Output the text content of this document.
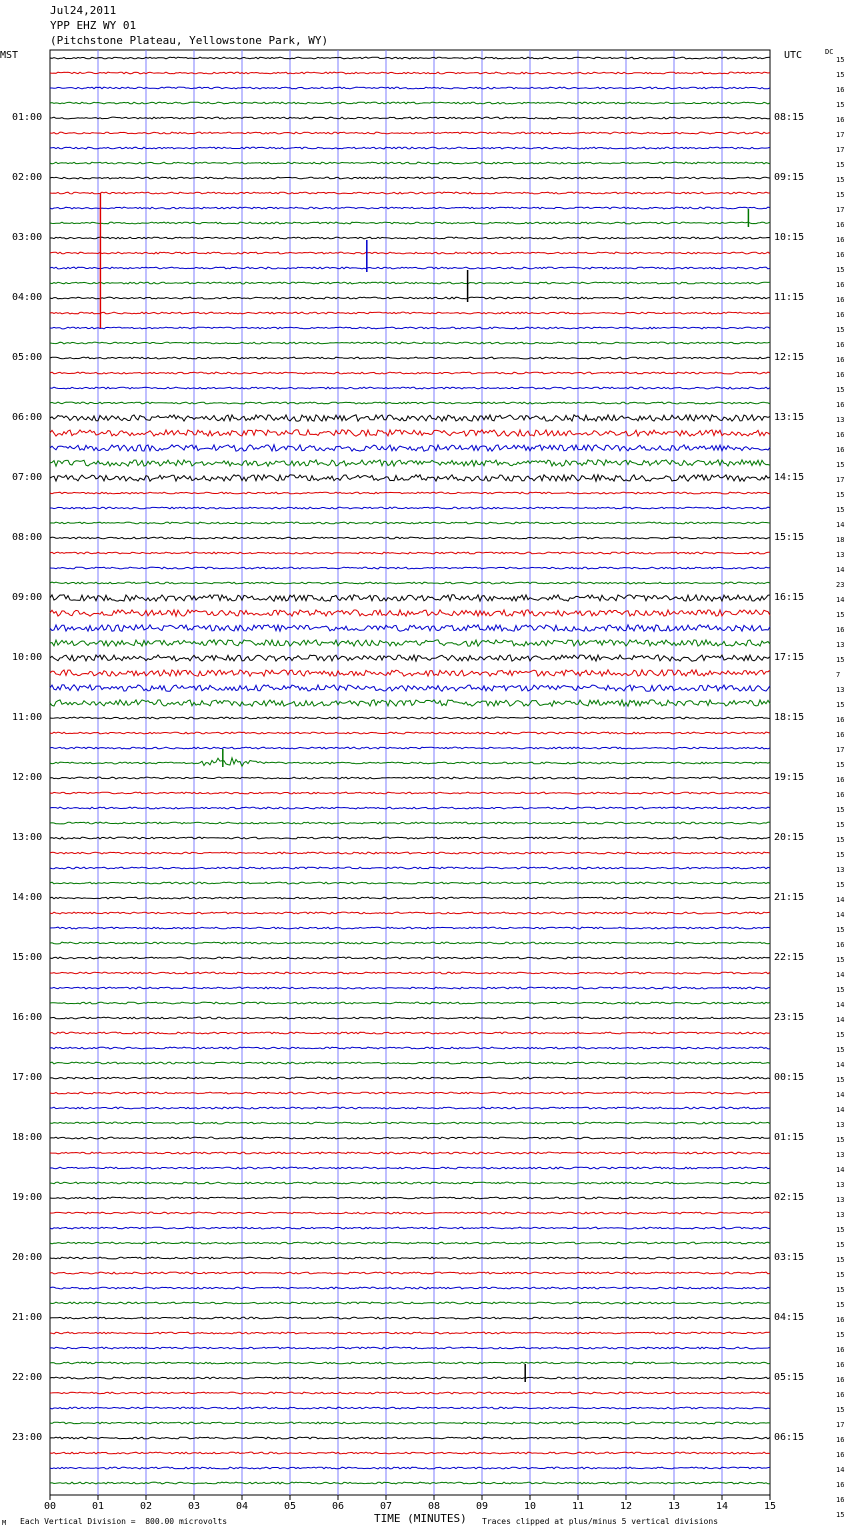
Jul24,2011
YPP EHZ WY 01
(Pitchstone Plateau, Yellowstone Park, WY)
MST	UTC	DC
00	01	02	03	04	05	06	07	08	09	10	11	12	13	14	15
01:00
02:00
03:00
04:00
05:00
06:00
07:00
08:00
09:00
10:00
11:00
12:00
13:00
14:00
15:00
16:00
17:00
18:00
19:00
20:00
21:00
22:00
23:00
08:15
09:15
10:15
11:15
12:15
13:15
14:15
15:15
16:15
17:15
18:15
19:15
20:15
21:15
22:15
23:15
00:15
01:15
02:15
03:15
04:15
05:15
06:15
15
15
16
15
16
17
17
15
15
15
17
16
16
16
15
16
16
16
15
16
16
16
15
16
13
16
16
15
17
15
15
14
18
13
14
23
14
15
16
13
15
7
13
15
16
16
17
15
16
16
15
15
15
15
13
15
14
14
15
16
15
14
15
14
14
15
15
14
15
14
14
13
15
13
14
13
13
13
15
15
15
15
15
15
16
15
16
16
16
16
15
17
16
16
14
16
16
15
M Each Vertical Division =  800.00 microvolts	TIME (MINUTES) Traces clipped at plus/minus 5 vertical divisions
